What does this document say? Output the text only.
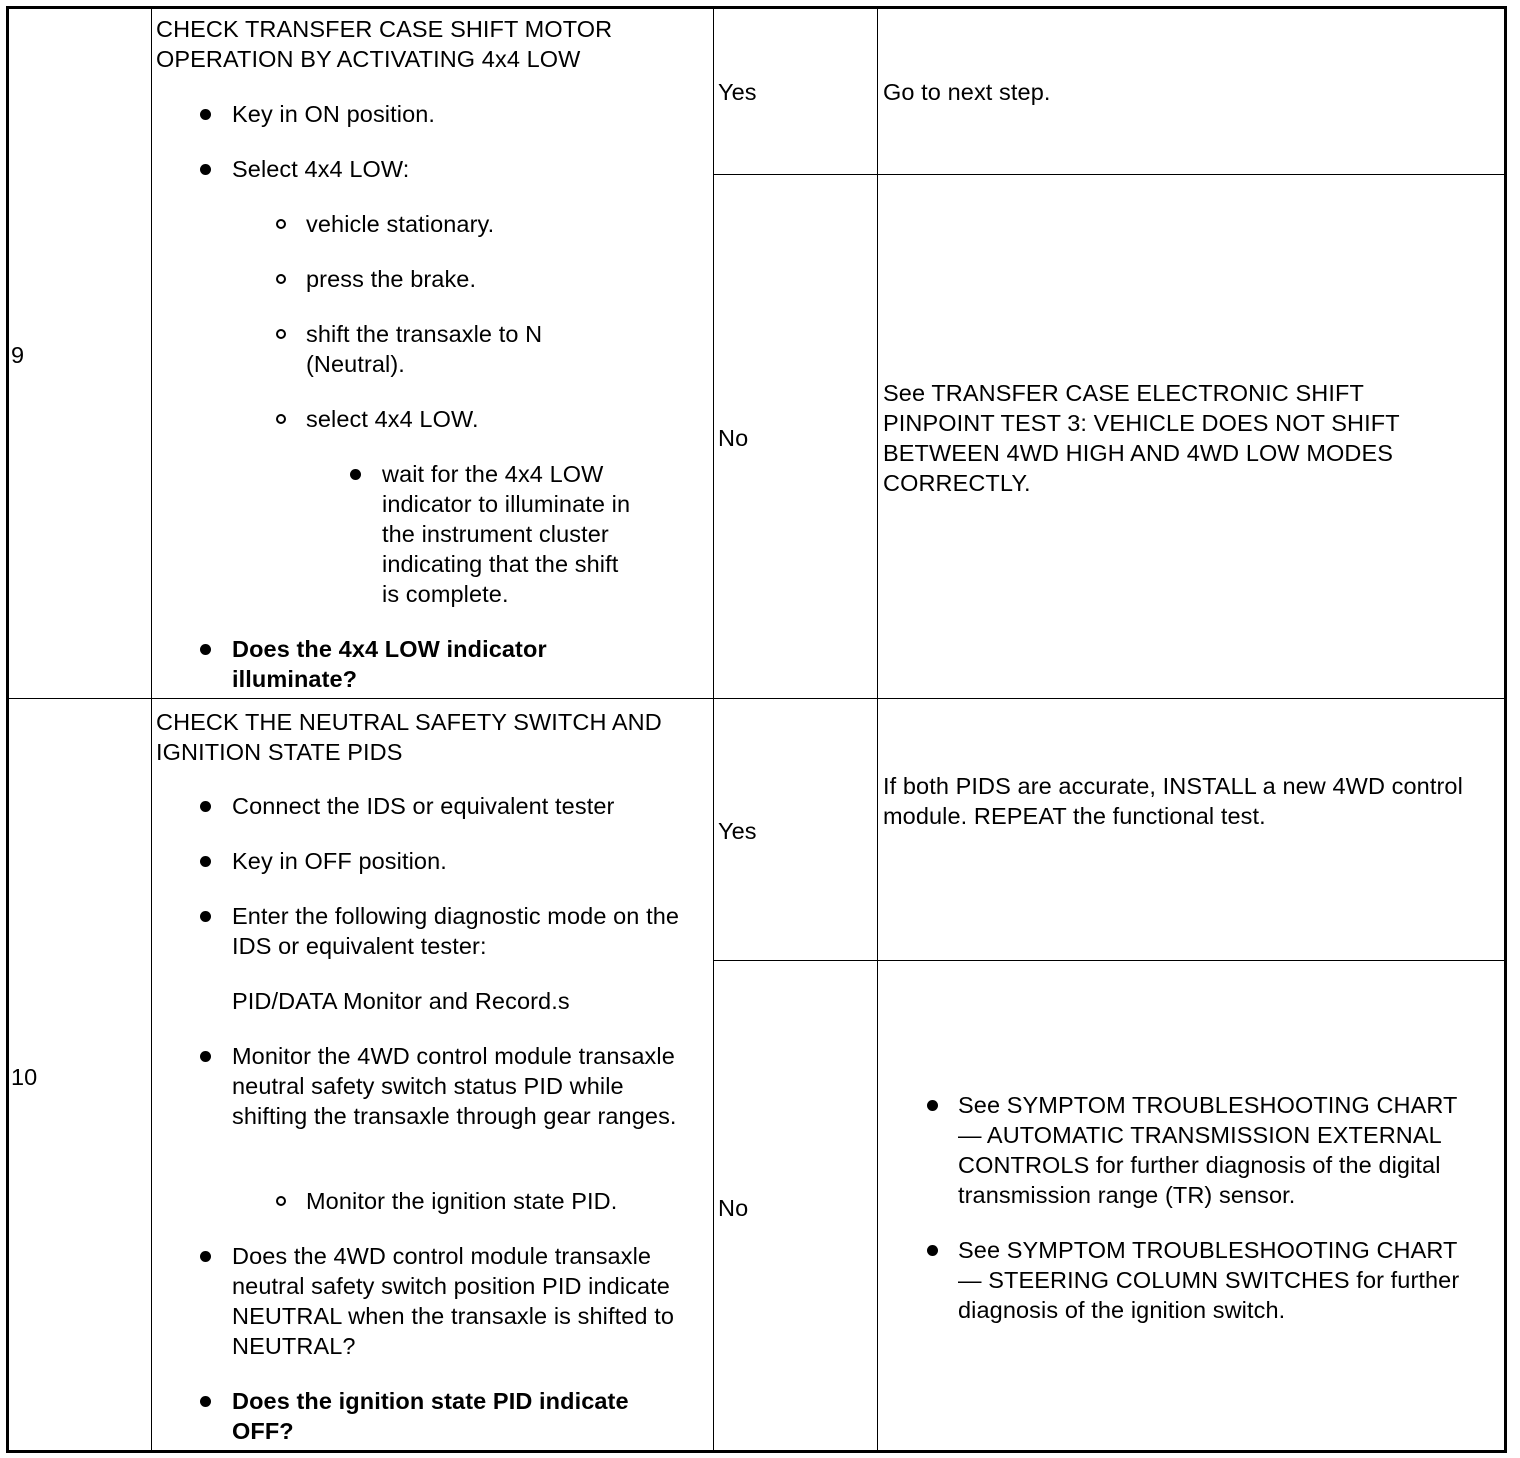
9
CHECK TRANSFER CASE SHIFT MOTOR OPERATION BY ACTIVATING 4x4 LOW
Key in ON position.
Select 4x4 LOW:
vehicle stationary.
press the brake.
shift the transaxle to N (Neutral).
select 4x4 LOW.
wait for the 4x4 LOW indicator to illuminate in the instrument cluster indicating that the shift is complete.
Does the 4x4 LOW indicator illuminate?
Yes	Go to next step.
No
See TRANSFER CASE ELECTRONIC SHIFT PINPOINT TEST 3: VEHICLE DOES NOT SHIFT BETWEEN 4WD HIGH AND 4WD LOW MODES CORRECTLY.
10
CHECK THE NEUTRAL SAFETY SWITCH AND IGNITION STATE PIDS
Connect the IDS or equivalent tester
Key in OFF position.
Enter the following diagnostic mode on the IDS or equivalent tester:
PID/DATA Monitor and Record.s
Monitor the 4WD control module transaxle neutral safety switch status PID while shifting the transaxle through gear ranges.
Monitor the ignition state PID.
Does the 4WD control module transaxle neutral safety switch position PID indicate NEUTRAL when the transaxle is shifted to NEUTRAL?
Does the ignition state PID indicate OFF?
Yes
If both PIDS are accurate, INSTALL a new 4WD control module. REPEAT the functional test.
No
See SYMPTOM TROUBLESHOOTING CHART — AUTOMATIC TRANSMISSION EXTERNAL CONTROLS for further diagnosis of the digital transmission range (TR) sensor.
See SYMPTOM TROUBLESHOOTING CHART — STEERING COLUMN SWITCHES for further diagnosis of the ignition switch.
